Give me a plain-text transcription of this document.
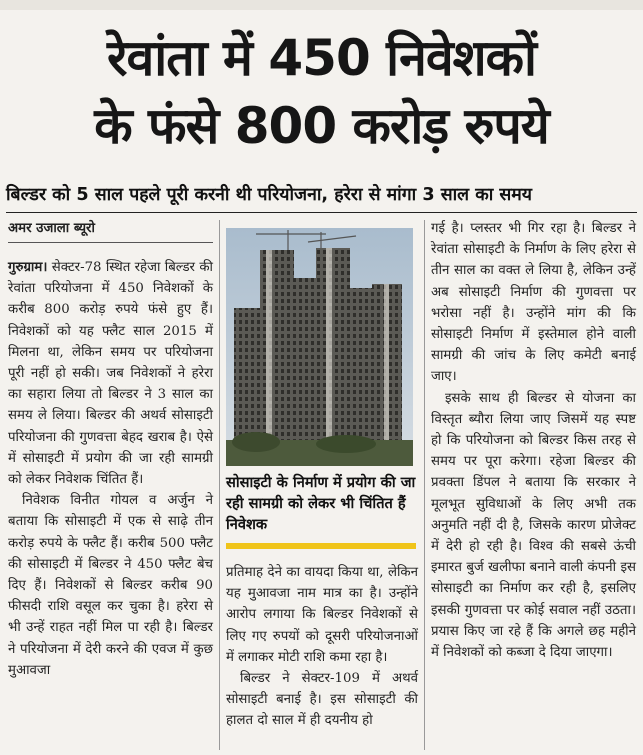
रेवांता में 450 निवेशकों
के फंसे 800 करोड़ रुपये
बिल्डर को 5 साल पहले पूरी करनी थी परियोजना, हरेरा से मांगा 3 साल का समय
अमर उजाला ब्यूरो

गुरुग्राम। सेक्टर-78 स्थित रहेजा बिल्डर की रेवांता परियोजना में 450 निवेशकों के करीब 800 करोड़ रुपये फंसे हुए हैं। निवेशकों को यह फ्लैट साल 2015 में मिलना था, लेकिन समय पर परियोजना पूरी नहीं हो सकी। जब निवेशकों ने हरेरा का सहारा लिया तो बिल्डर ने 3 साल का समय ले लिया। बिल्डर की अथर्व सोसाइटी परियोजना की गुणवत्ता बेहद खराब है। ऐसे में सोसाइटी में प्रयोग की जा रही सामग्री को लेकर निवेशक चिंतित हैं।

निवेशक विनीत गोयल व अर्जुन ने बताया कि सोसाइटी में एक से साढ़े तीन करोड़ रुपये के फ्लैट हैं। करीब 500 फ्लैट की सोसाइटी में बिल्डर ने 450 फ्लैट बेच दिए हैं। निवेशकों से बिल्डर करीब 90 फीसदी राशि वसूल कर चुका है। हरेरा से भी उन्हें राहत नहीं मिल पा रही है। बिल्डर ने परियोजना में देरी करने की एवज में कुछ मुआवजा

सोसाइटी के निर्माण में प्रयोग की जा रही सामग्री को लेकर भी चिंतित हैं निवेशक

प्रतिमाह देने का वायदा किया था, लेकिन यह मुआवजा नाम मात्र का है। उन्होंने आरोप लगाया कि बिल्डर निवेशकों से लिए गए रुपयों को दूसरी परियोजनाओं में लगाकर मोटी राशि कमा रहा है।

बिल्डर ने सेक्टर-109 में अथर्व सोसाइटी बनाई है। इस सोसाइटी की हालत दो साल में ही दयनीय हो

गई है। प्लस्तर भी गिर रहा है। बिल्डर ने रेवांता सोसाइटी के निर्माण के लिए हरेरा से तीन साल का वक्त ले लिया है, लेकिन उन्हें अब सोसाइटी निर्माण की गुणवत्ता पर भरोसा नहीं है। उन्होंने मांग की कि सोसाइटी निर्माण में इस्तेमाल होने वाली सामग्री की जांच के लिए कमेटी बनाई जाए।

इसके साथ ही बिल्डर से योजना का विस्तृत ब्यौरा लिया जाए जिसमें यह स्पष्ट हो कि परियोजना को बिल्डर किस तरह से समय पर पूरा करेगा। रहेजा बिल्डर की प्रवक्ता डिंपल ने बताया कि सरकार ने मूलभूत सुविधाओं के लिए अभी तक अनुमति नहीं दी है, जिसके कारण प्रोजेक्ट में देरी हो रही है। विश्व की सबसे ऊंची इमारत बुर्ज खलीफा बनाने वाली कंपनी इस सोसाइटी का निर्माण कर रही है, इसलिए इसकी गुणवत्ता पर कोई सवाल नहीं उठता। प्रयास किए जा रहे हैं कि अगले छह महीने में निवेशकों को कब्जा दे दिया जाएगा।
